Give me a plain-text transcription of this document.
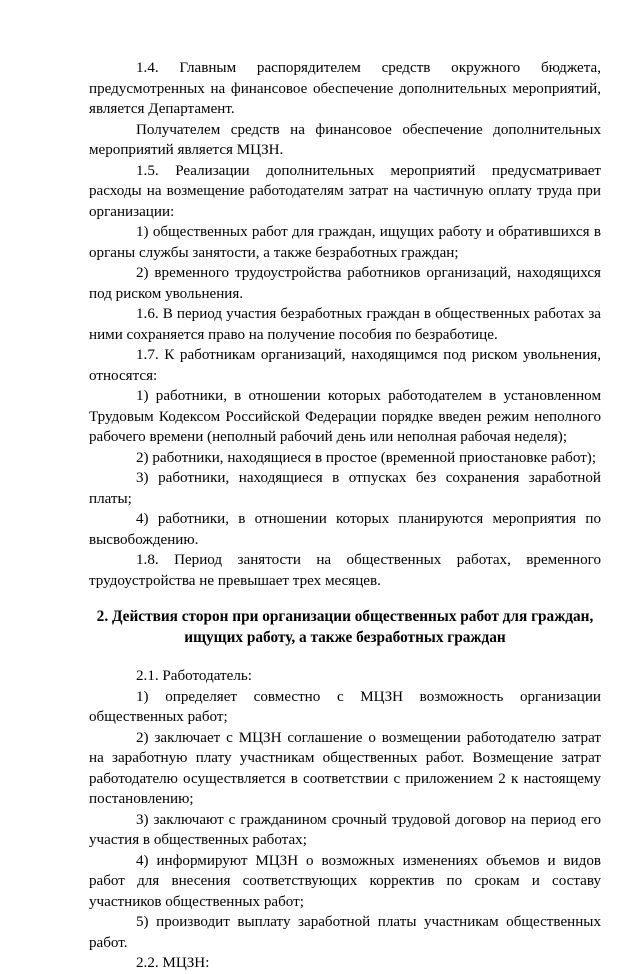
1.4. Главным распорядителем средств окружного бюджета, предусмотренных на финансовое обеспечение дополнительных мероприятий, является Департамент.

Получателем средств на финансовое обеспечение дополнительных мероприятий является МЦЗН.

1.5. Реализации дополнительных мероприятий предусматривает расходы на возмещение работодателям затрат на частичную оплату труда при организации:

1) общественных работ для граждан, ищущих работу и обратившихся в органы службы занятости, а также безработных граждан;

2) временного трудоустройства работников организаций, находящихся под риском увольнения.

1.6. В период участия безработных граждан в общественных работах за ними сохраняется право на получение пособия по безработице.

1.7. К работникам организаций, находящимся под риском увольнения, относятся:

1) работники, в отношении которых работодателем в установленном Трудовым Кодексом Российской Федерации порядке введен режим неполного рабочего времени (неполный рабочий день или неполная рабочая неделя);

2) работники, находящиеся в простое (временной приостановке работ);

3) работники, находящиеся в отпусках без сохранения заработной платы;

4) работники, в отношении которых планируются мероприятия по высвобождению.

1.8. Период занятости на общественных работах, временного трудоустройства не превышает трех месяцев.

2. Действия сторон при организации общественных работ для граждан,
ищущих работу, а также безработных граждан

2.1. Работодатель:

1) определяет совместно с МЦЗН возможность организации общественных работ;

2) заключает с МЦЗН соглашение о возмещении работодателю затрат на заработную плату участникам общественных работ. Возмещение затрат работодателю осуществляется в соответствии с приложением 2 к настоящему постановлению;

3) заключают с гражданином срочный трудовой договор на период его участия в общественных работах;

4) информируют МЦЗН о возможных изменениях объемов и видов работ для внесения соответствующих корректив по срокам и составу участников общественных работ;

5) производит выплату заработной платы участникам общественных работ.

2.2. МЦЗН:
